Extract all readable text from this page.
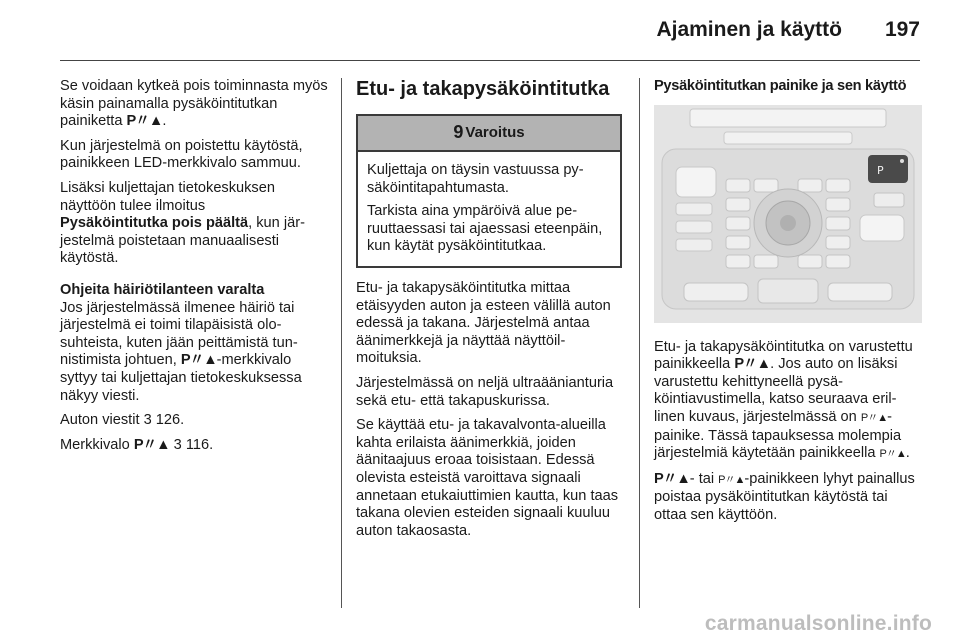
Ajaminen ja käyttö 197

Se voidaan kytkeä pois toiminnasta myös käsin painamalla pysäköintitutkan painiketta P〃▲.

Kun järjestelmä on poistettu käytöstä, painikkeen LED-merkkivalo sammuu.

Lisäksi kuljettajan tietokeskuksen näyttöön tulee ilmoitus
Pysäköintitutka pois päältä, kun järjestelmä poistetaan manuaalisesti käytöstä.

Ohjeita häiriötilanteen varalta

Jos järjestelmässä ilmenee häiriö tai järjestelmä ei toimi tilapäisistä olosuhteista, kuten jään peittämistä tunnistimista johtuen, P〃▲-merkkivalo syttyy tai kuljettajan tietokeskuksessa näkyy viesti.

Auton viestit 3 126.

Merkkivalo P〃▲ 3 116.

Etu- ja takapysäköintitutka
9 Varoitus

Kuljettaja on täysin vastuussa pysäköintitapahtumasta.

Tarkista aina ympäröivä alue peruuttaessasi tai ajaessasi eteenpäin, kun käytät pysäköintitutkaa.

Etu- ja takapysäköintitutka mittaa etäisyyden auton ja esteen välillä auton edessä ja takana. Järjestelmä antaa äänimerkkejä ja näyttää näyttöilmoituksia.

Järjestelmässä on neljä ultraäänianturia sekä etu- että takapuskurissa.

Se käyttää etu- ja takavalvonta-alueilla kahta erilaista äänimerkkiä, joiden äänitaajuus eroaa toisistaan. Edessä olevista esteistä varoittava signaali annetaan etukaiuttimien kautta, kun taas takana olevien esteiden signaali kuuluu auton takaosasta.

Pysäköintitutkan painike ja sen käyttö
P

Etu- ja takapysäköintitutka on varustettu painikkeella P〃▲. Jos auto on lisäksi varustettu kehittyneellä pysäköintiavustimella, katso seuraava erillinen kuvaus, järjestelmässä on P〃▲-painike. Tässä tapauksessa molempia järjestelmiä käytetään painikkeella P〃▲.

P〃▲- tai P〃▲-painikkeen lyhyt painallus poistaa pysäköintitutkan käytöstä tai ottaa sen käyttöön.

carmanualsonline.info
